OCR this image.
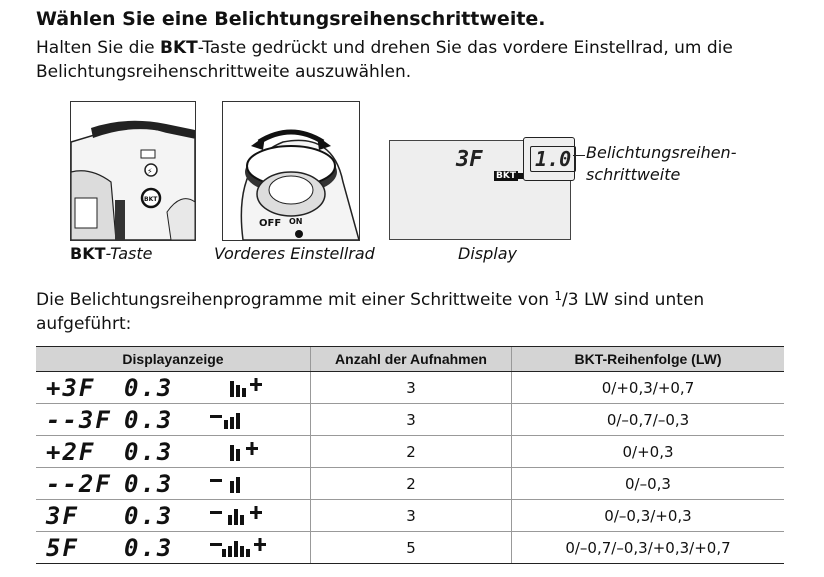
Wählen Sie eine Belichtungsreihenschrittweite.

Halten Sie die BKT-Taste gedrückt und drehen Sie das vordere Einstellrad, um die Belichtungsreihenschrittweite auszuwählen.

⚡
BKT
BKT-Taste
OFF ON
Vorderes Einstellrad
3F
BKT
1.0 Belichtungsreihen-
schrittweite
Display

Die Belichtungsreihenprogramme mit einer Schrittweite von $^1$/3 LW sind unten aufgeführt:

Displayanzeige	Anzahl der Aufnahmen	BKT-Reihenfolge (LW)

+3F 0.3	3	0/+0,3/+0,7

--3F 0.3	3	0/–0,7/–0,3

+2F 0.3	2	0/+0,3

--2F 0.3	2	0/–0,3

3F 0.3	3	0/–0,3/+0,3

5F 0.3	5	0/–0,7/–0,3/+0,3/+0,7
